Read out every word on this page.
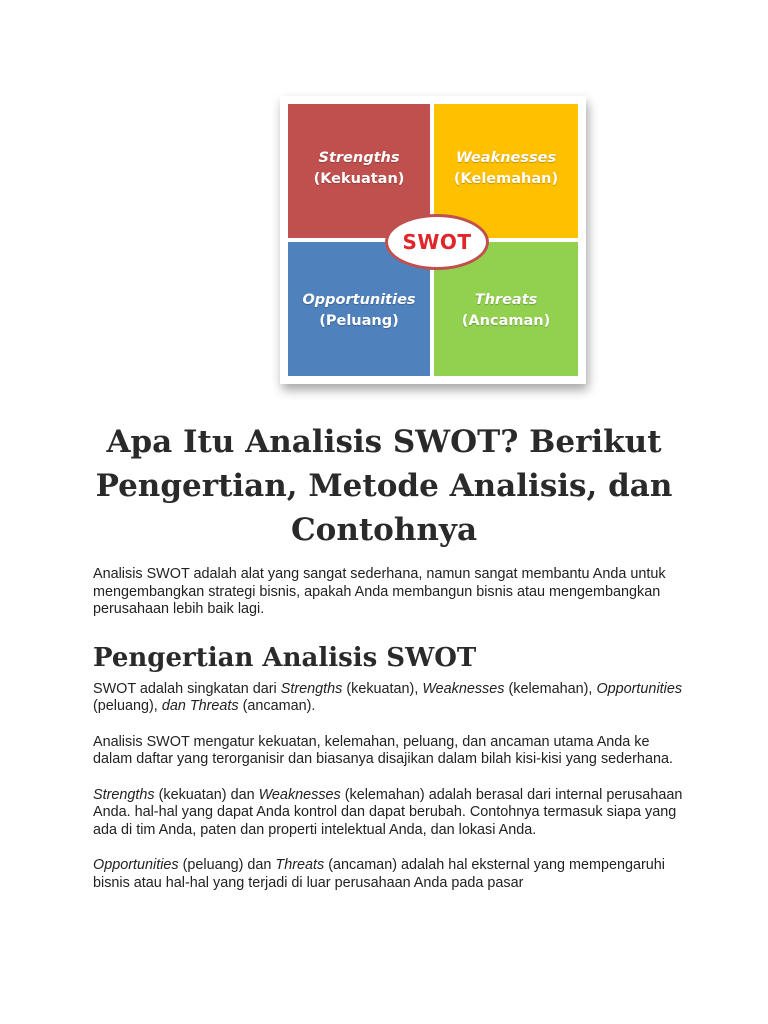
Strengths
(Kekuatan)
Weaknesses
(Kelemahan)
Opportunities
(Peluang)
Threats
(Ancaman)
SWOT
Apa Itu Analisis SWOT? Berikut Pengertian, Metode Analisis, dan Contohnya

Analisis SWOT adalah alat yang sangat sederhana, namun sangat membantu Anda untuk mengembangkan strategi bisnis, apakah Anda membangun bisnis atau mengembangkan perusahaan lebih baik lagi.

Pengertian Analisis SWOT

SWOT adalah singkatan dari Strengths (kekuatan), Weaknesses (kelemahan), Opportunities (peluang), dan Threats (ancaman).

Analisis SWOT mengatur kekuatan, kelemahan, peluang, dan ancaman utama Anda ke dalam daftar yang terorganisir dan biasanya disajikan dalam bilah kisi-kisi yang sederhana.

Strengths (kekuatan) dan Weaknesses (kelemahan) adalah berasal dari internal perusahaan Anda. hal-hal yang dapat Anda kontrol dan dapat berubah. Contohnya termasuk siapa yang ada di tim Anda, paten dan properti intelektual Anda, dan lokasi Anda.

Opportunities (peluang) dan Threats (ancaman) adalah hal eksternal yang mempengaruhi bisnis atau hal-hal yang terjadi di luar perusahaan Anda pada pasar
